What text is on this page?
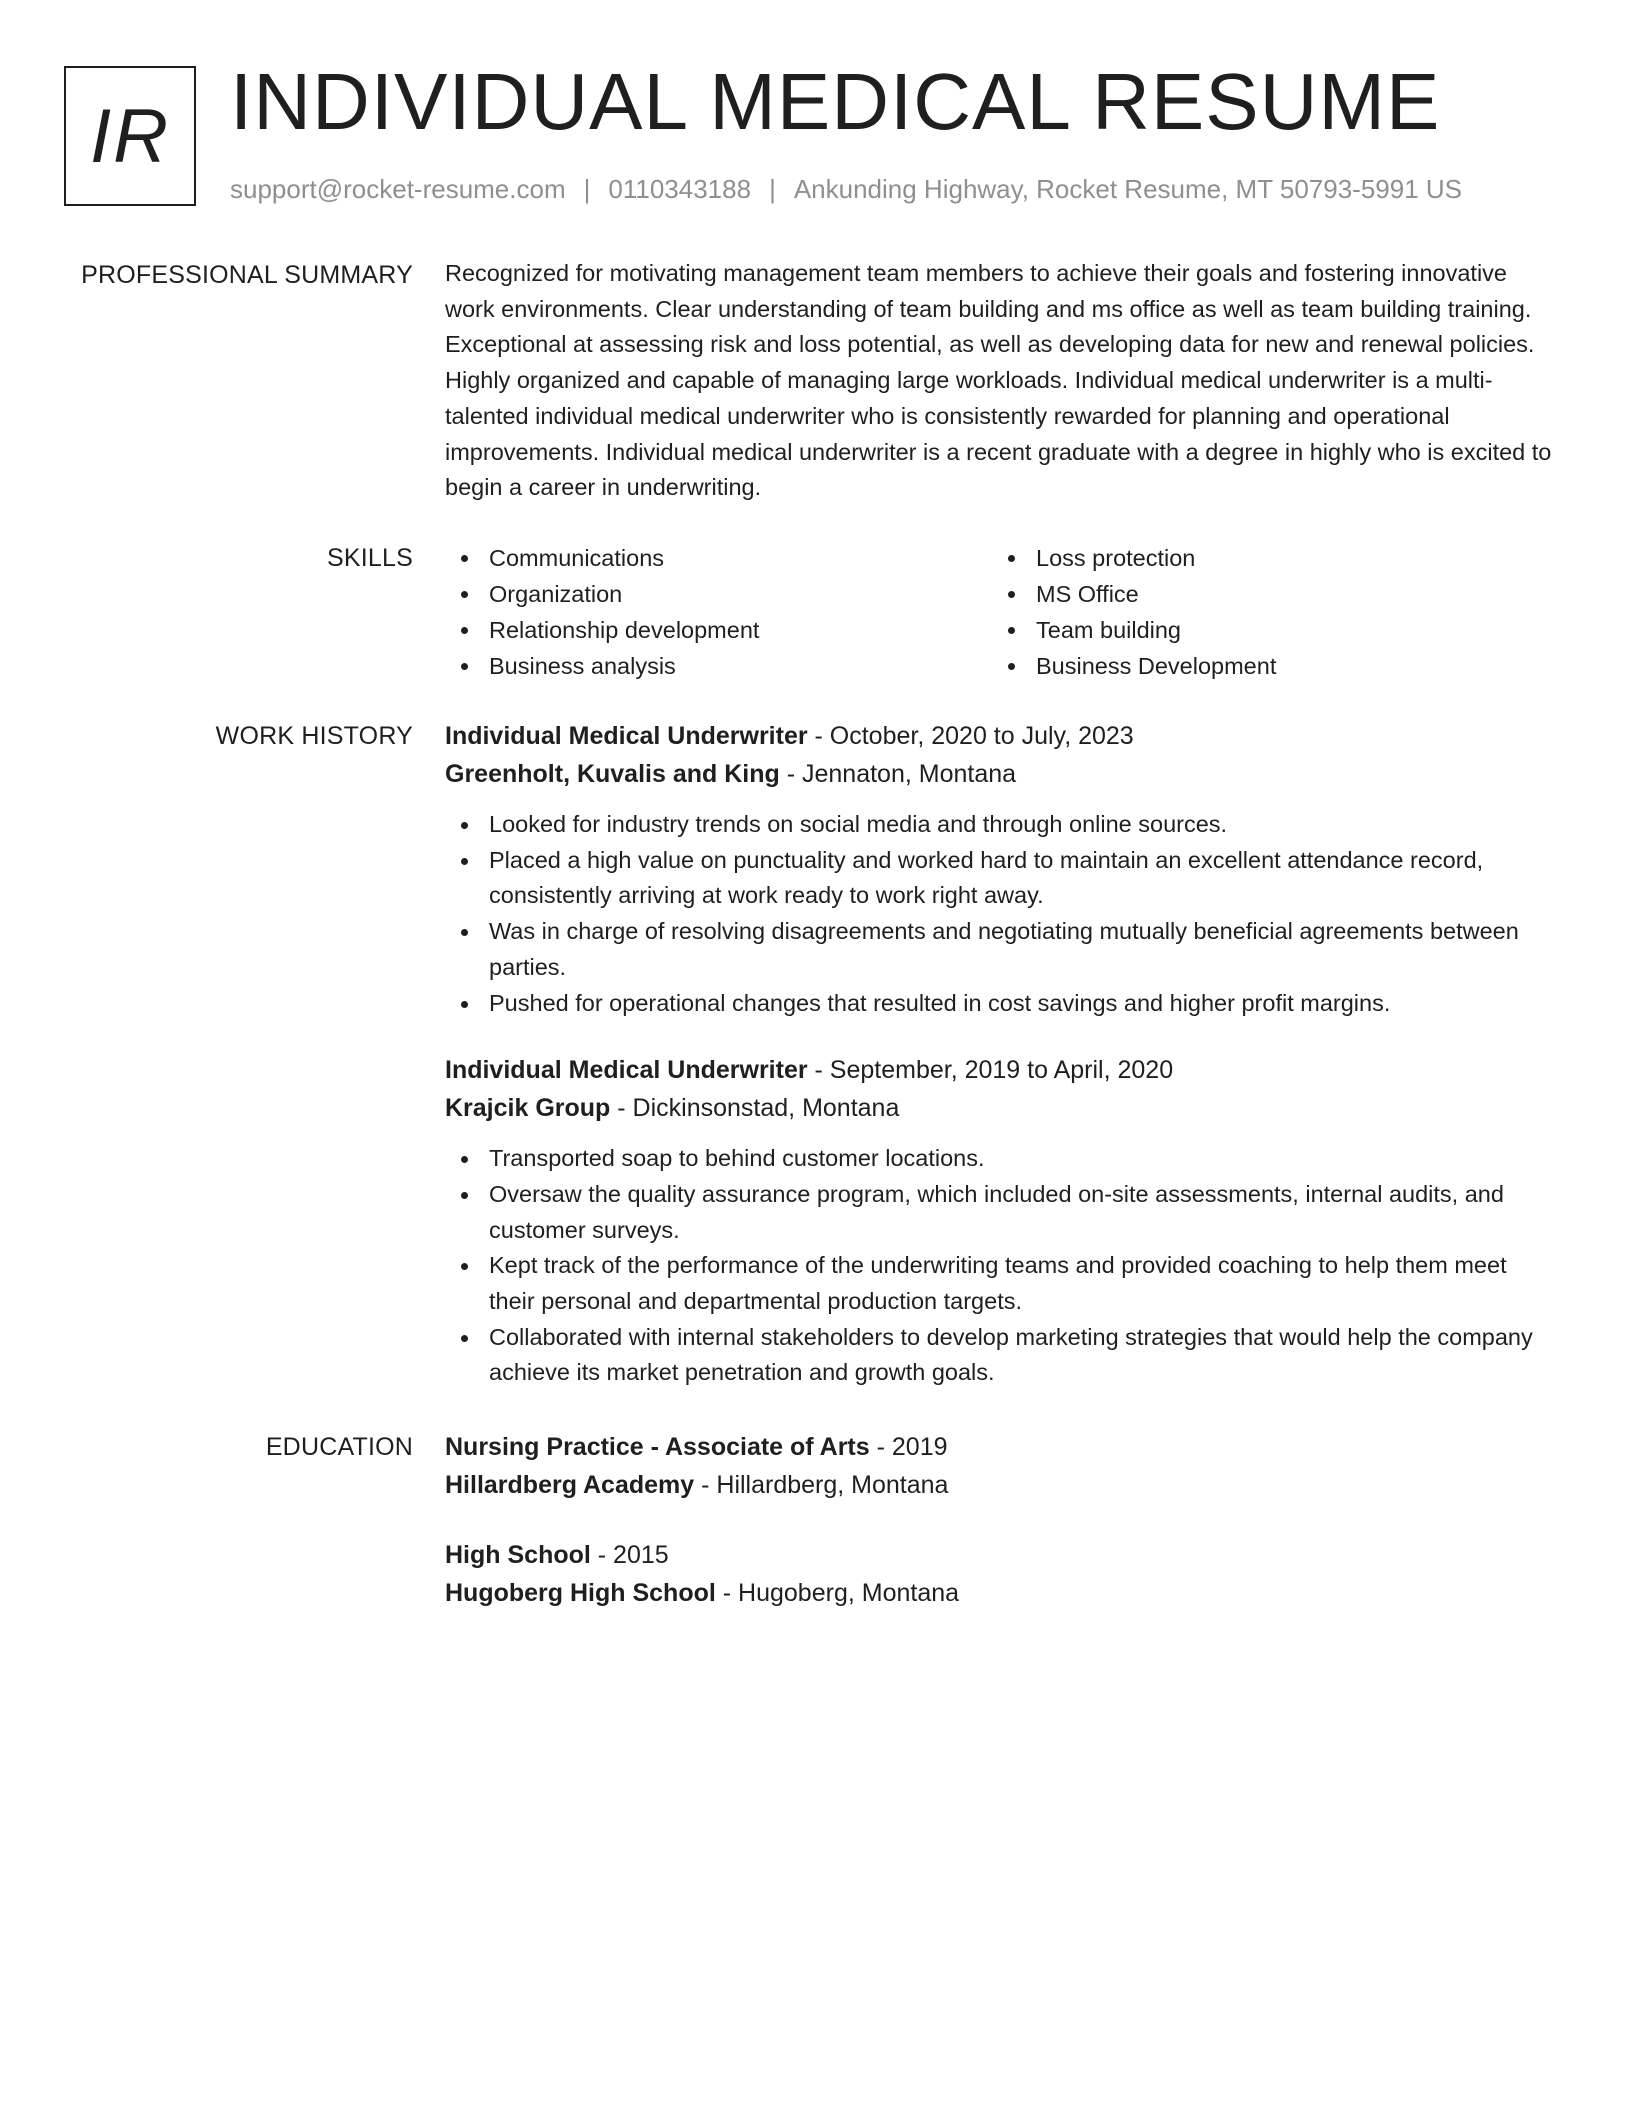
IR INDIVIDUAL MEDICAL RESUME
support@rocket-resume.com | 0110343188 | Ankunding Highway, Rocket Resume, MT 50793-5991 US
PROFESSIONAL SUMMARY Recognized for motivating management team members to achieve their goals and fostering innovative work environments. Clear understanding of team building and ms office as well as team building training. Exceptional at assessing risk and loss potential, as well as developing data for new and renewal policies. Highly organized and capable of managing large workloads. Individual medical underwriter is a multi-talented individual medical underwriter who is consistently rewarded for planning and operational improvements. Individual medical underwriter is a recent graduate with a degree in highly who is excited to begin a career in underwriting.

SKILLS	Communications
Organization
Relationship development
Business analysis
Loss protection
MS Office
Team building
Business Development
WORK HISTORY Individual Medical Underwriter - October, 2020 to July, 2023
Greenholt, Kuvalis and King - Jennaton, Montana
Looked for industry trends on social media and through online sources.
Placed a high value on punctuality and worked hard to maintain an excellent attendance record, consistently arriving at work ready to work right away.
Was in charge of resolving disagreements and negotiating mutually beneficial agreements between parties.
Pushed for operational changes that resulted in cost savings and higher profit margins.
Individual Medical Underwriter - September, 2019 to April, 2020
Krajcik Group - Dickinsonstad, Montana
Transported soap to behind customer locations.
Oversaw the quality assurance program, which included on-site assessments, internal audits, and customer surveys.
Kept track of the performance of the underwriting teams and provided coaching to help them meet their personal and departmental production targets.
Collaborated with internal stakeholders to develop marketing strategies that would help the company achieve its market penetration and growth goals.
EDUCATION Nursing Practice - Associate of Arts - 2019
Hillardberg Academy - Hillardberg, Montana
High School - 2015
Hugoberg High School - Hugoberg, Montana
